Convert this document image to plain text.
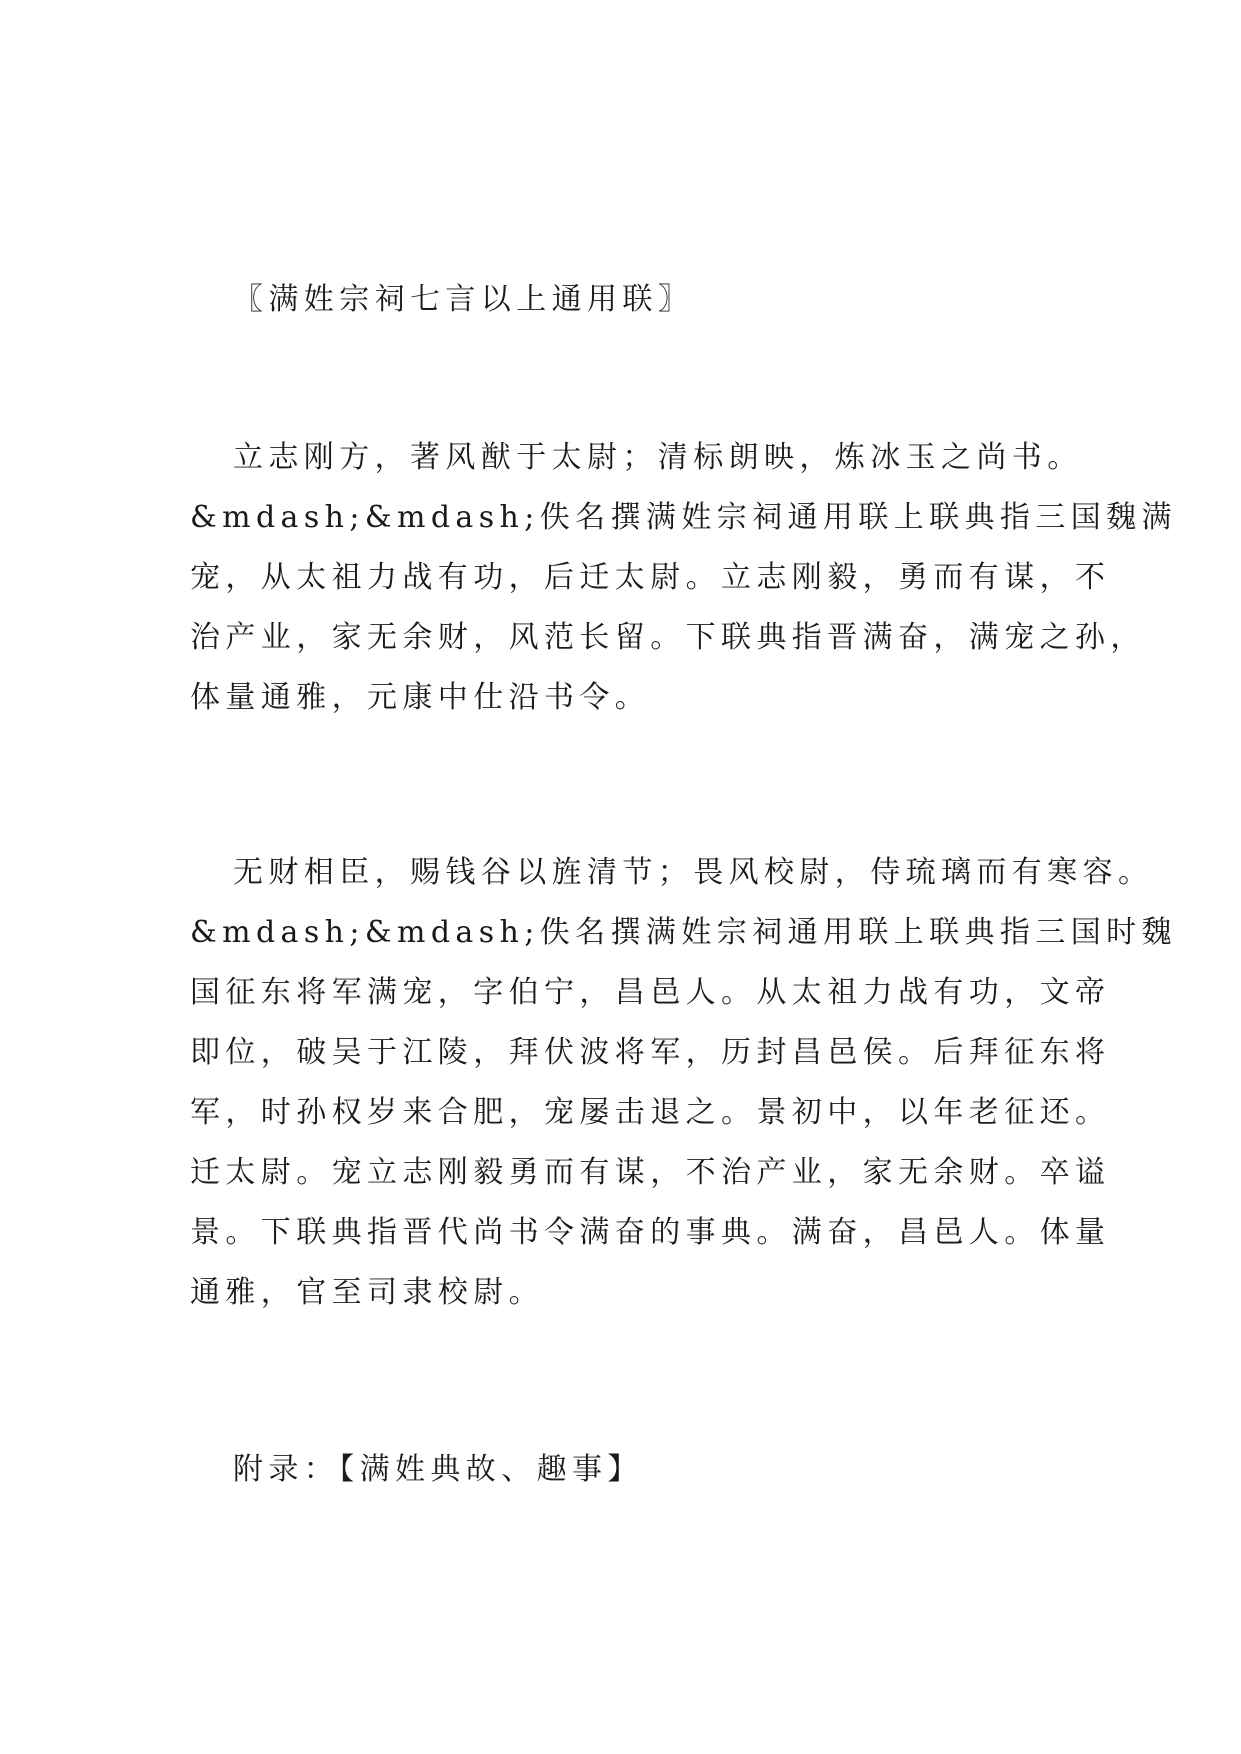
〖满姓宗祠七言以上通用联〗
立志刚方，著风猷于太尉；清标朗映，炼冰玉之尚书。
&mdash;&mdash;佚名撰满姓宗祠通用联上联典指三国魏满
宠，从太祖力战有功，后迁太尉。立志刚毅，勇而有谋，不
治产业，家无余财，风范长留。下联典指晋满奋，满宠之孙，
体量通雅，元康中仕沿书令。
无财相臣，赐钱谷以旌清节；畏风校尉，侍琉璃而有寒容。
&mdash;&mdash;佚名撰满姓宗祠通用联上联典指三国时魏
国征东将军满宠，字伯宁，昌邑人。从太祖力战有功，文帝
即位，破吴于江陵，拜伏波将军，历封昌邑侯。后拜征东将
军，时孙权岁来合肥，宠屡击退之。景初中，以年老征还。
迁太尉。宠立志刚毅勇而有谋，不治产业，家无余财。卒谥
景。下联典指晋代尚书令满奋的事典。满奋，昌邑人。体量
通雅，官至司隶校尉。
附录：【满姓典故、趣事】
